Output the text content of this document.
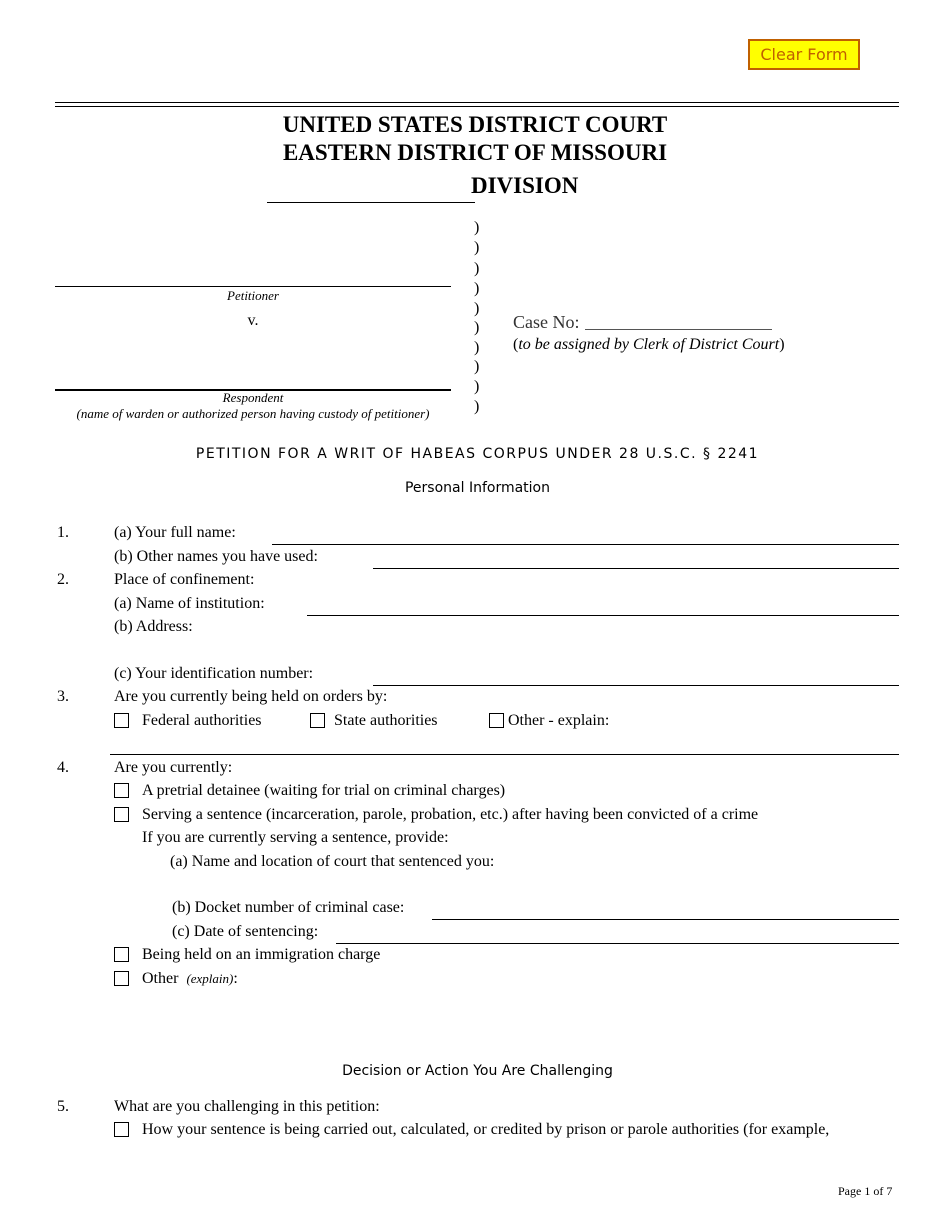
Clear Form
UNITED STATES DISTRICT COURT
EASTERN DISTRICT OF MISSOURI
DIVISION
)
)
)
)
)
)
)
)
)
)
Petitioner
v.
Respondent
(name of warden or authorized person having custody of petitioner)
Case No:
(to be assigned by Clerk of District Court)
PETITION FOR A WRIT OF HABEAS CORPUS UNDER 28 U.S.C. § 2241
Personal Information
1.	(a) Your full name:
(b) Other names you have used:
2.	Place of confinement:
(a) Name of institution:
(b) Address:
(c) Your identification number:
3.	Are you currently being held on orders by:
Federal authorities	State authorities	Other - explain:
4.	Are you currently:
A pretrial detainee (waiting for trial on criminal charges)
Serving a sentence (incarceration, parole, probation, etc.) after having been convicted of a crime
If you are currently serving a sentence, provide:
(a) Name and location of court that sentenced you:
(b) Docket number of criminal case:
(c) Date of sentencing:
Being held on an immigration charge
Other (explain):
Decision or Action You Are Challenging
5.	What are you challenging in this petition:
How your sentence is being carried out, calculated, or credited by prison or parole authorities (for example,
Page 1 of 7
